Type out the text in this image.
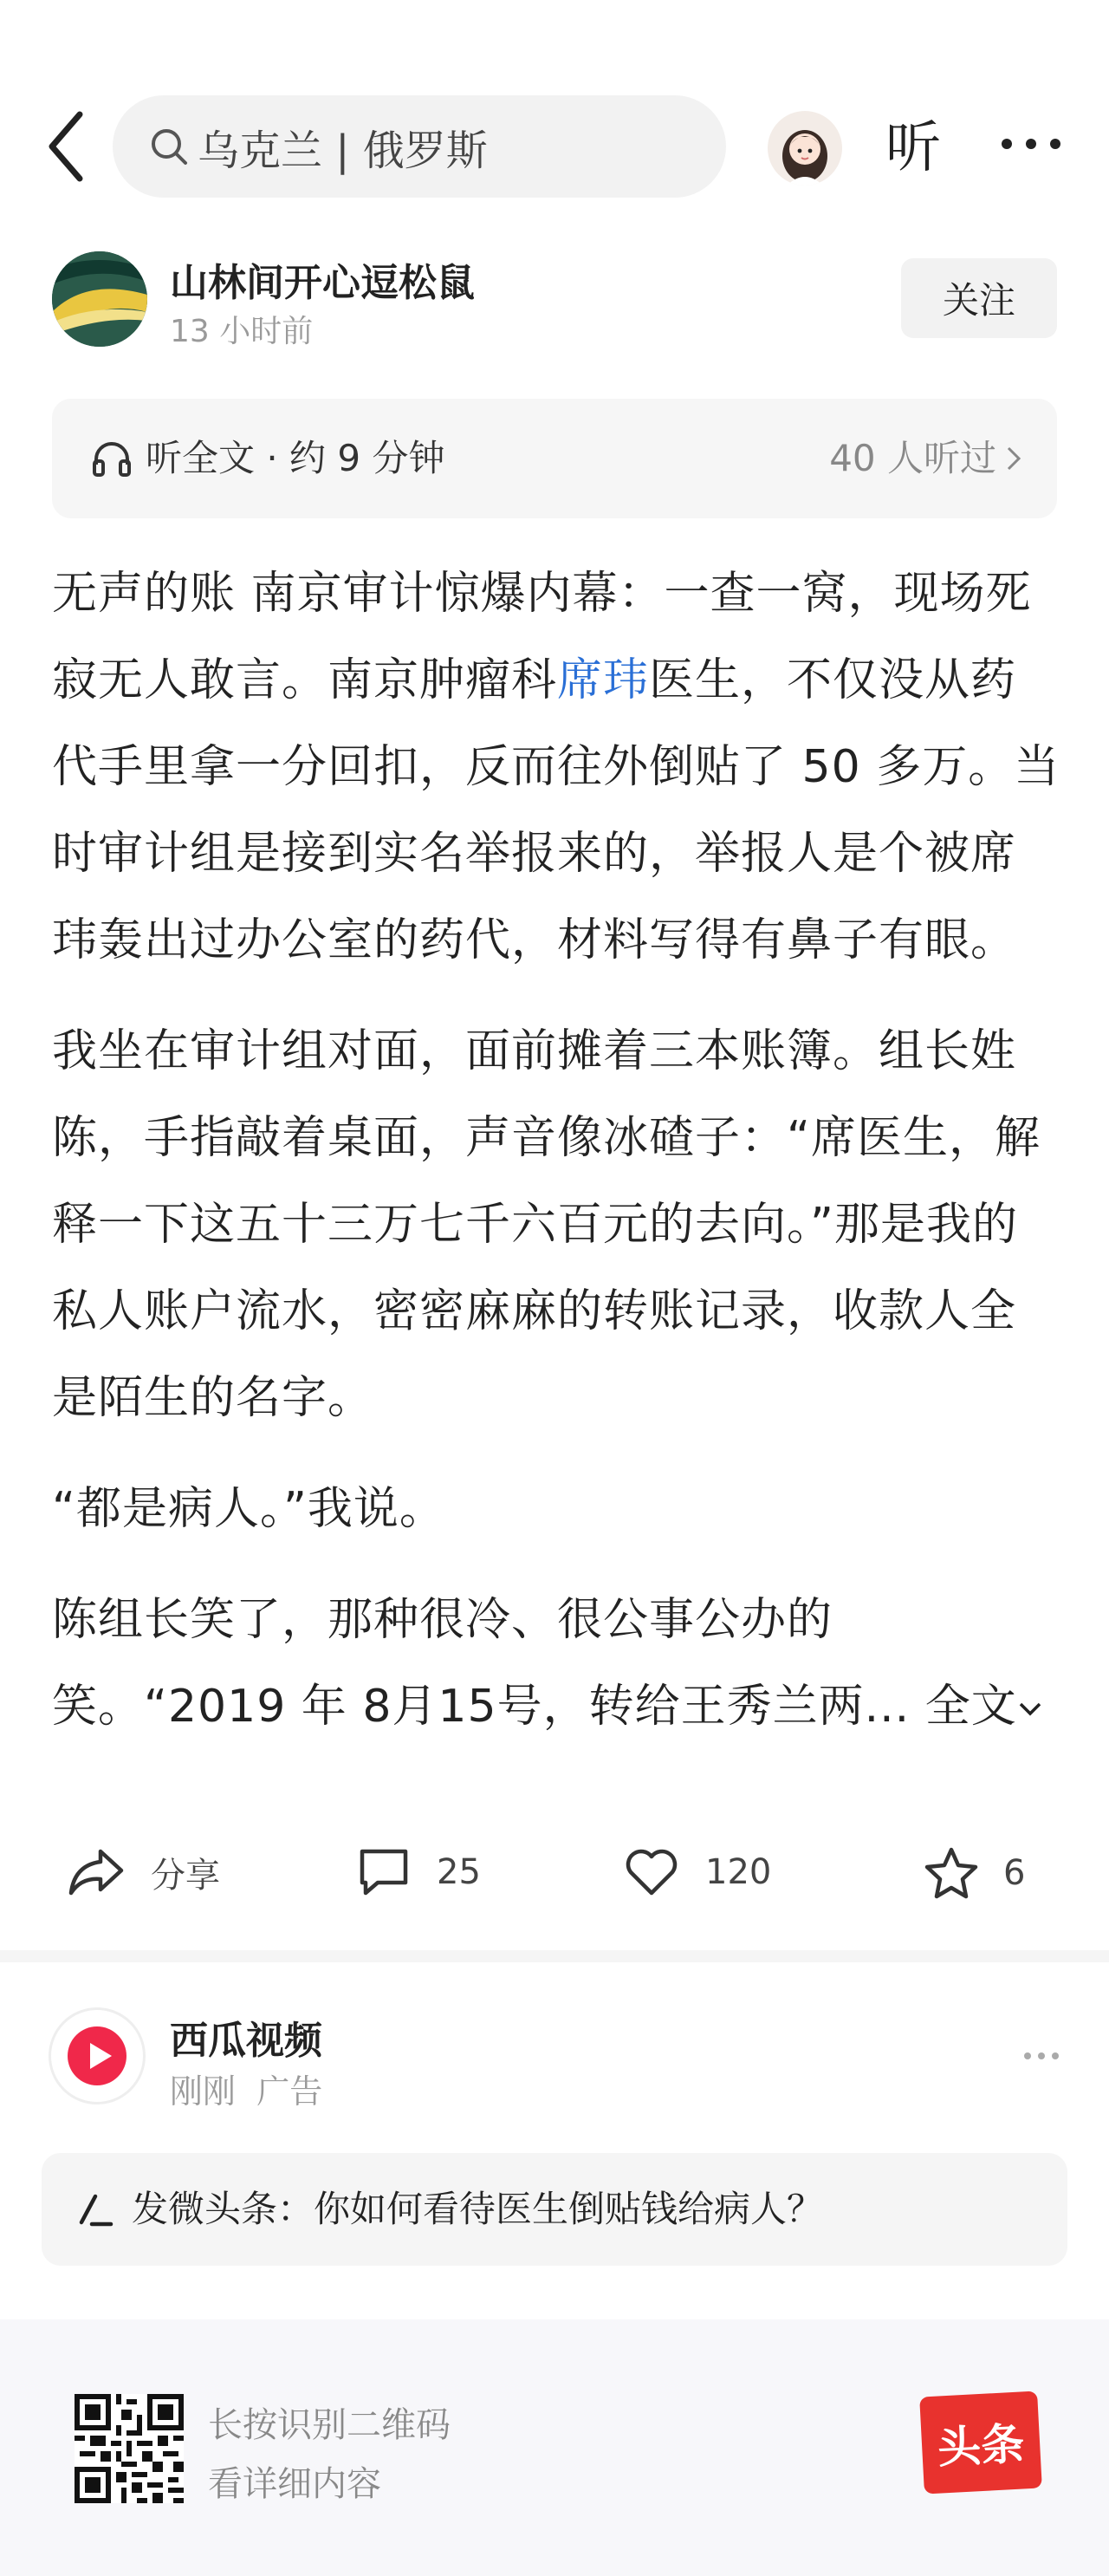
乌克兰 | 俄罗斯	听
山林间开心逗松鼠
13 小时前
关注
听全文 · 约 9 分钟	40 人听过

无声的账 南京审计惊爆内幕：一查一窝，现场死寂无人敢言。南京肿瘤科席玮医生，不仅没从药代手里拿一分回扣，反而往外倒贴了 50 多万。当时审计组是接到实名举报来的，举报人是个被席玮轰出过办公室的药代，材料写得有鼻子有眼。

我坐在审计组对面，面前摊着三本账簿。组长姓陈，手指敲着桌面，声音像冰碴子：“席医生，解释一下这五十三万七千六百元的去向。”那是我的私人账户流水，密密麻麻的转账记录，收款人全是陌生的名字。

“都是病人。”我说。

陈组长笑了，那种很冷、很公事公办的笑。“2019 年 8月15号，转给王秀兰两... 全文

分享	25	120	6
西瓜视频
刚刚 广告
发微头条：你如何看待医生倒贴钱给病人？
长按识别二维码
看详细内容
头条
